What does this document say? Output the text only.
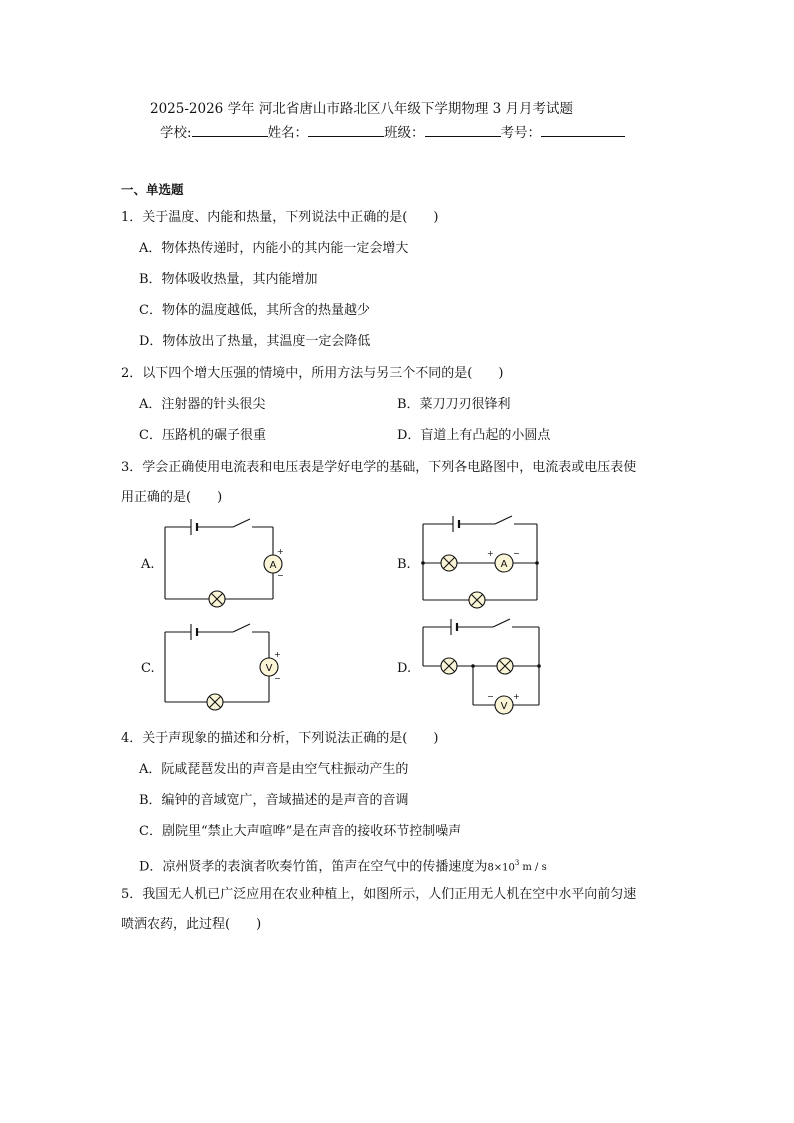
2025-2026 学年 河北省唐山市路北区八年级下学期物理 3 月月考试题
学校:	姓名：	班级：	考号：
一、单选题
1．关于温度、内能和热量，下列说法中正确的是(　　)
A．物体热传递时，内能小的其内能一定会增大
B．物体吸收热量，其内能增加
C．物体的温度越低，其所含的热量越少
D．物体放出了热量，其温度一定会降低
2．以下四个增大压强的情境中，所用方法与另三个不同的是(　　)
A．注射器的针头很尖	B．菜刀刀刃很锋利
C．压路机的碾子很重	D．盲道上有凸起的小圆点
3．学会正确使用电流表和电压表是学好电学的基础，下列各电路图中，电流表或电压表使
用正确的是(　　)
A.	A
+
−
B.	A
+ −
C.	V
+
−
D.
V
− +
4．关于声现象的描述和分析，下列说法正确的是(　　)
A．阮咸琵琶发出的声音是由空气柱振动产生的
B．编钟的音域宽广，音域描述的是声音的音调
C．剧院里“禁止大声喧哗”是在声音的接收环节控制噪声
D．凉州贤孝的表演者吹奏竹笛，笛声在空气中的传播速度为$8\times 10^3$ m / s
5．我国无人机已广泛应用在农业种植上，如图所示，人们正用无人机在空中水平向前匀速
喷洒农药，此过程(　　)
